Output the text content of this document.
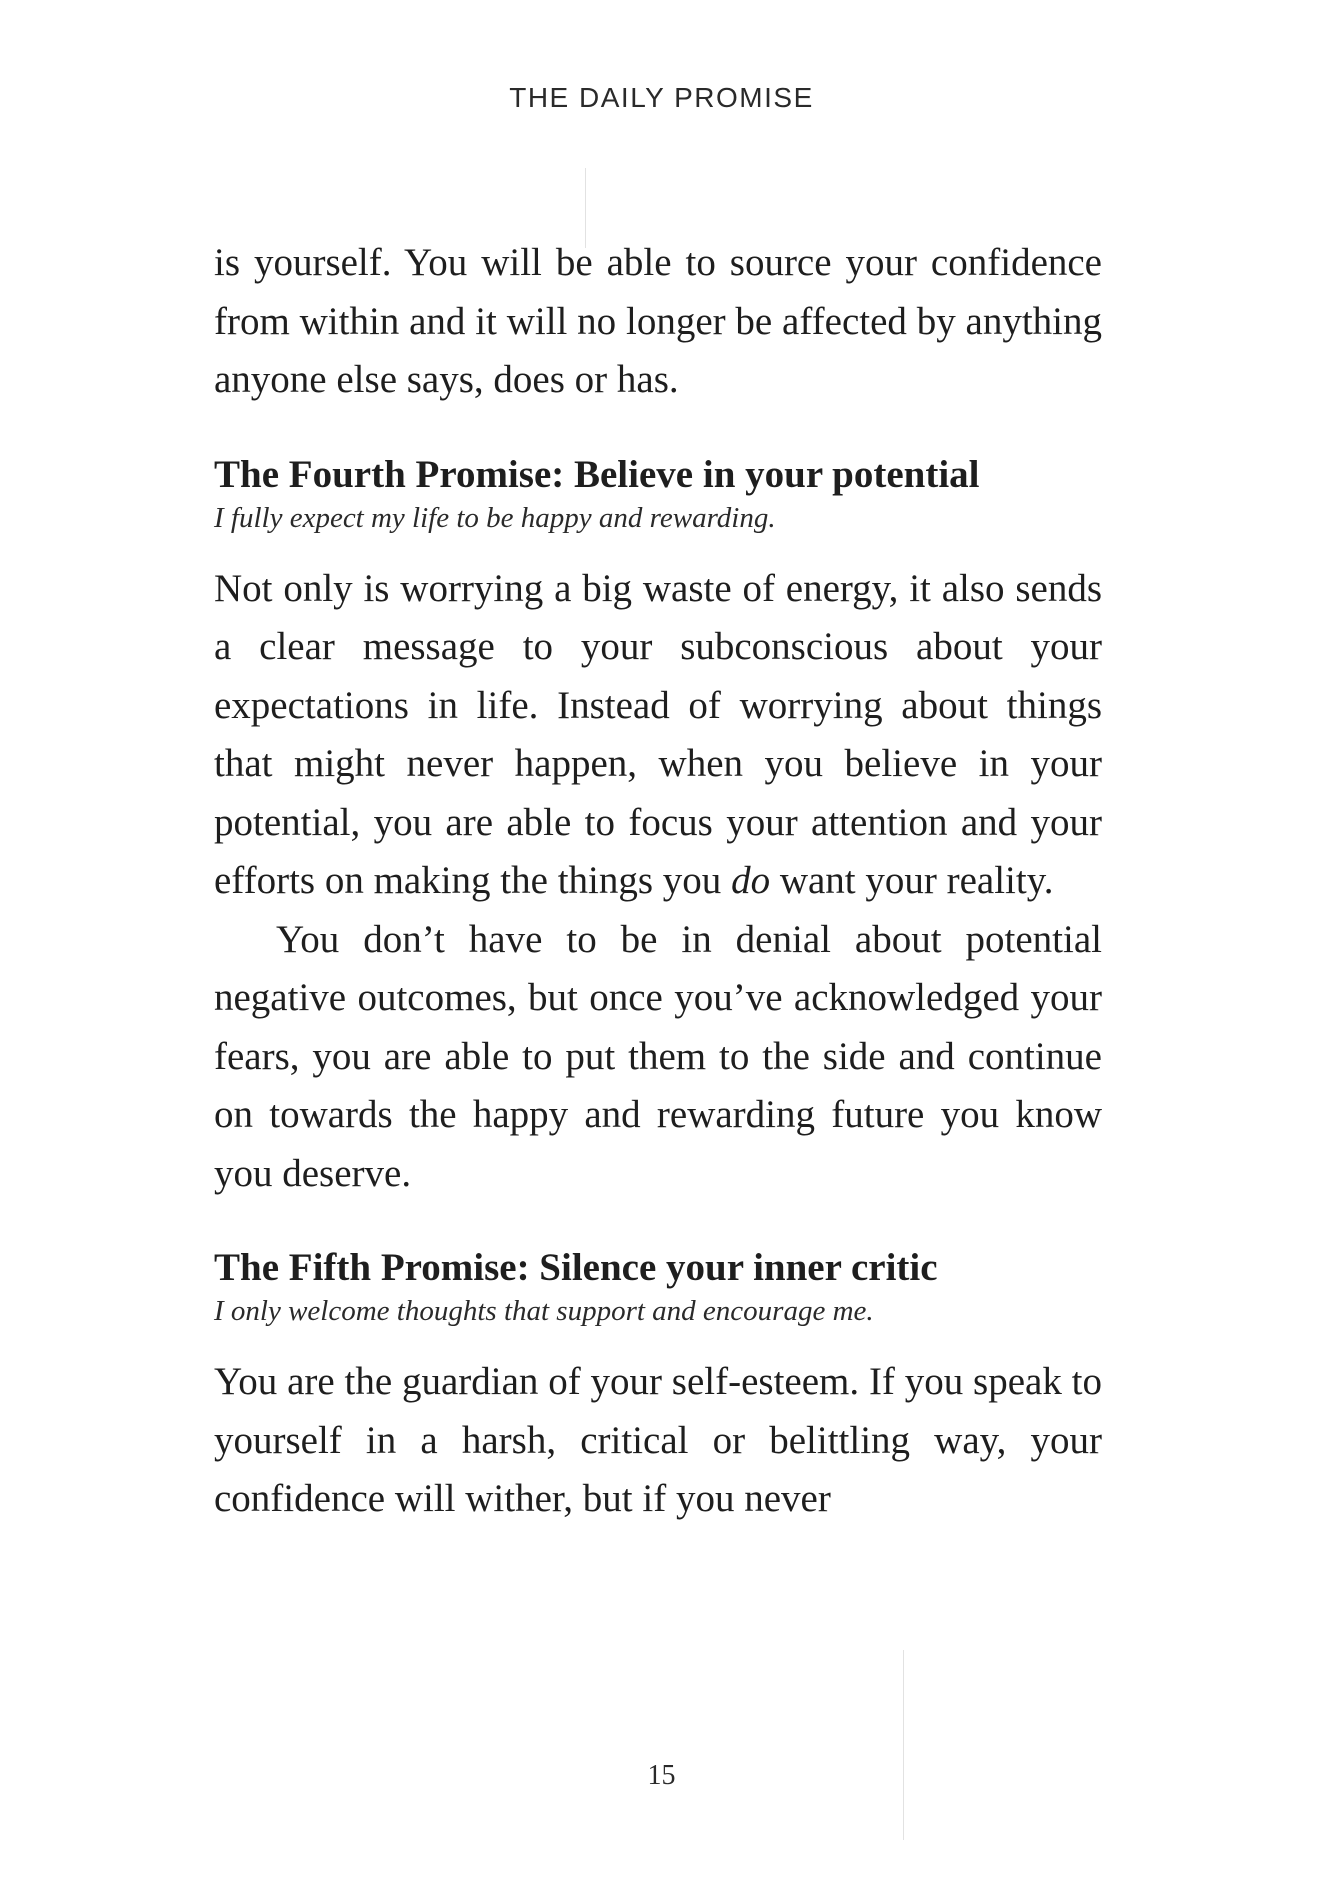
THE DAILY PROMISE

is yourself. You will be able to source your confidence from within and it will no longer be affected by anything anyone else says, does or has.

The Fourth Promise: Believe in your potential

I fully expect my life to be happy and rewarding.

Not only is worrying a big waste of energy, it also sends a clear message to your subconscious about your expectations in life. Instead of worrying about things that might never happen, when you believe in your potential, you are able to focus your attention and your efforts on making the things you do want your reality.

You don’t have to be in denial about potential negative outcomes, but once you’ve acknowledged your fears, you are able to put them to the side and continue on towards the happy and rewarding future you know you deserve.

The Fifth Promise: Silence your inner critic

I only welcome thoughts that support and encourage me.

You are the guardian of your self-esteem. If you speak to yourself in a harsh, critical or belittling way, your confidence will wither, but if you never

15
